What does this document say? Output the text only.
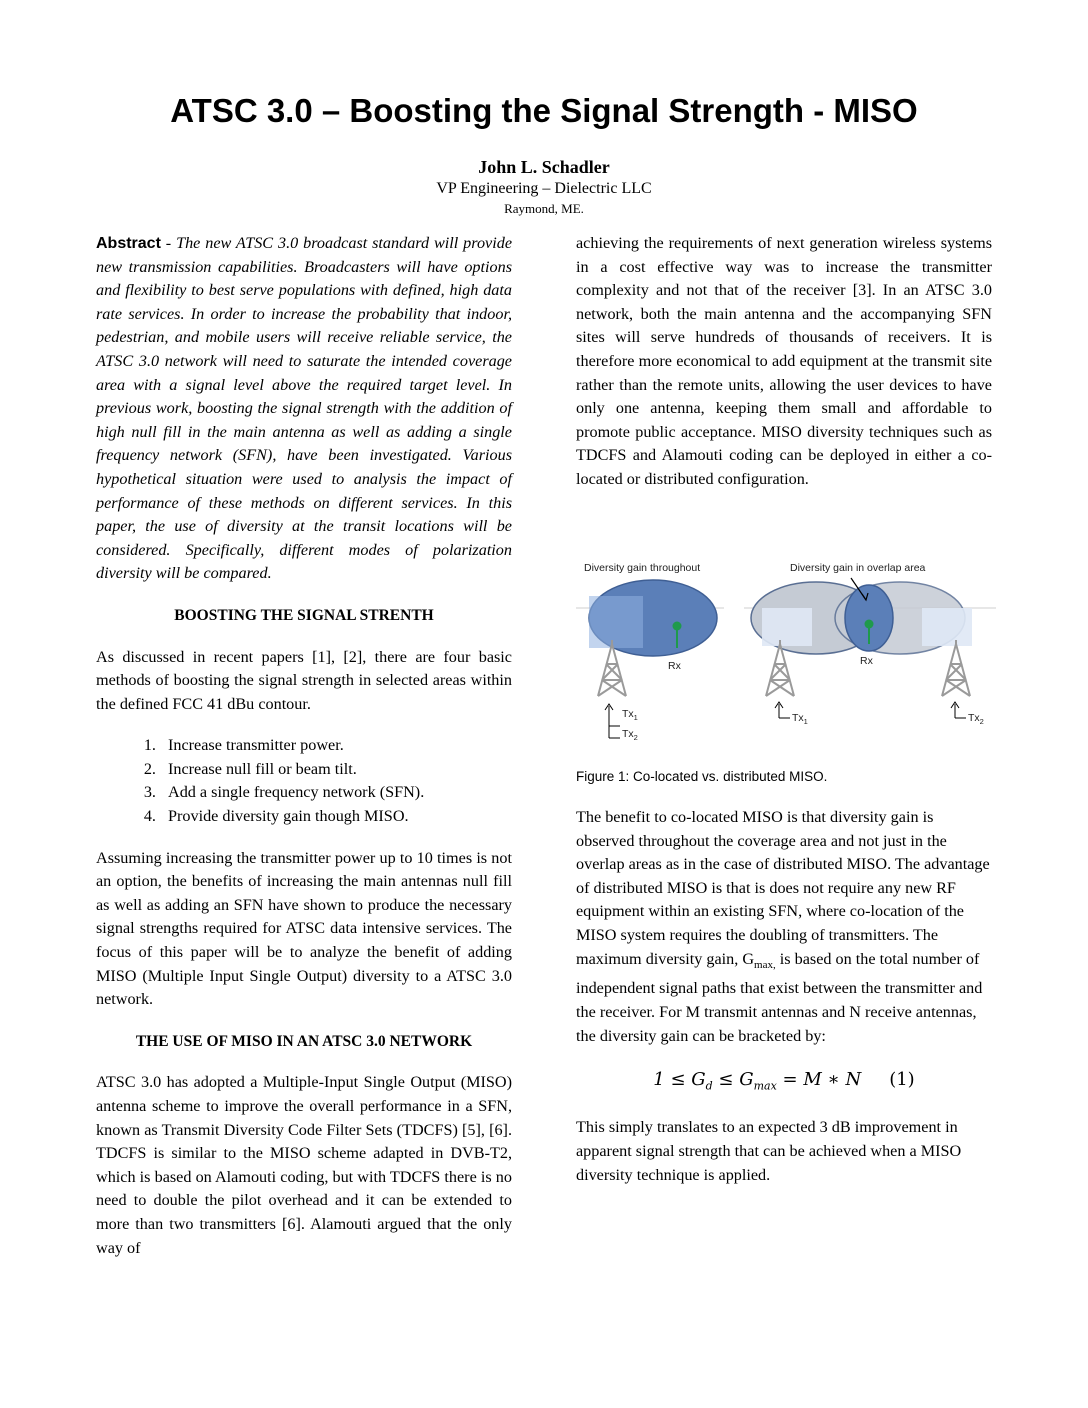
ATSC 3.0 – Boosting the Signal Strength - MISO
John L. Schadler
VP Engineering – Dielectric LLC
Raymond, ME.

Abstract - The new ATSC 3.0 broadcast standard will provide new transmission capabilities. Broadcasters will have options and flexibility to best serve populations with defined, high data rate services. In order to increase the probability that indoor, pedestrian, and mobile users will receive reliable service, the ATSC 3.0 network will need to saturate the intended coverage area with a signal level above the required target level. In previous work, boosting the signal strength with the addition of high null fill in the main antenna as well as adding a single frequency network (SFN), have been investigated. Various hypothetical situation were used to analysis the impact of performance of these methods on different services. In this paper, the use of diversity at the transit locations will be considered. Specifically, different modes of polarization diversity will be compared.

BOOSTING THE SIGNAL STRENTH

As discussed in recent papers [1], [2], there are four basic methods of boosting the signal strength in selected areas within the defined FCC 41 dBu contour.

1. Increase transmitter power.
2. Increase null fill or beam tilt.
3. Add a single frequency network (SFN).
4. Provide diversity gain though MISO.

Assuming increasing the transmitter power up to 10 times is not an option, the benefits of increasing the main antennas null fill as well as adding an SFN have shown to produce the necessary signal strengths required for ATSC data intensive services. The focus of this paper will be to analyze the benefit of adding MISO (Multiple Input Single Output) diversity to a ATSC 3.0 network.

THE USE OF MISO IN AN ATSC 3.0 NETWORK

ATSC 3.0 has adopted a Multiple-Input Single Output (MISO) antenna scheme to improve the overall performance in a SFN, known as Transmit Diversity Code Filter Sets (TDCFS) [5], [6]. TDCFS is similar to the MISO scheme adapted in DVB-T2, which is based on Alamouti coding, but with TDCFS there is no need to double the pilot overhead and it can be extended to more than two transmitters [6]. Alamouti argued that the only way of

achieving the requirements of next generation wireless systems in a cost effective way was to increase the transmitter complexity and not that of the receiver [3]. In an ATSC 3.0 network, both the main antenna and the accompanying SFN sites will serve hundreds of thousands of receivers. It is therefore more economical to add equipment at the transmit site rather than the remote units, allowing the user devices to have only one antenna, keeping them small and affordable to promote public acceptance. MISO diversity techniques such as TDCFS and Alamouti coding can be deployed in either a co-located or distributed configuration.

Diversity gain throughout
Rx
$Tx_1$
$Tx_2$
Diversity gain in overlap area
Rx
$Tx_1$	$Tx_2$
Figure 1: Co-located vs. distributed MISO.

The benefit to co-located MISO is that diversity gain is observed throughout the coverage area and not just in the overlap areas as in the case of distributed MISO. The advantage of distributed MISO is that is does not require any new RF equipment within an existing SFN, where co-location of the MISO system requires the doubling of transmitters. The maximum diversity gain, $G_{max,}$ is based on the total number of independent signal paths that exist between the transmitter and the receiver. For M transmit antennas and N receive antennas, the diversity gain can be bracketed by:

$1 \le G_d \le G_{max} = M$ ∗ N (1)

This simply translates to an expected 3 dB improvement in apparent signal strength that can be achieved when a MISO diversity technique is applied.
